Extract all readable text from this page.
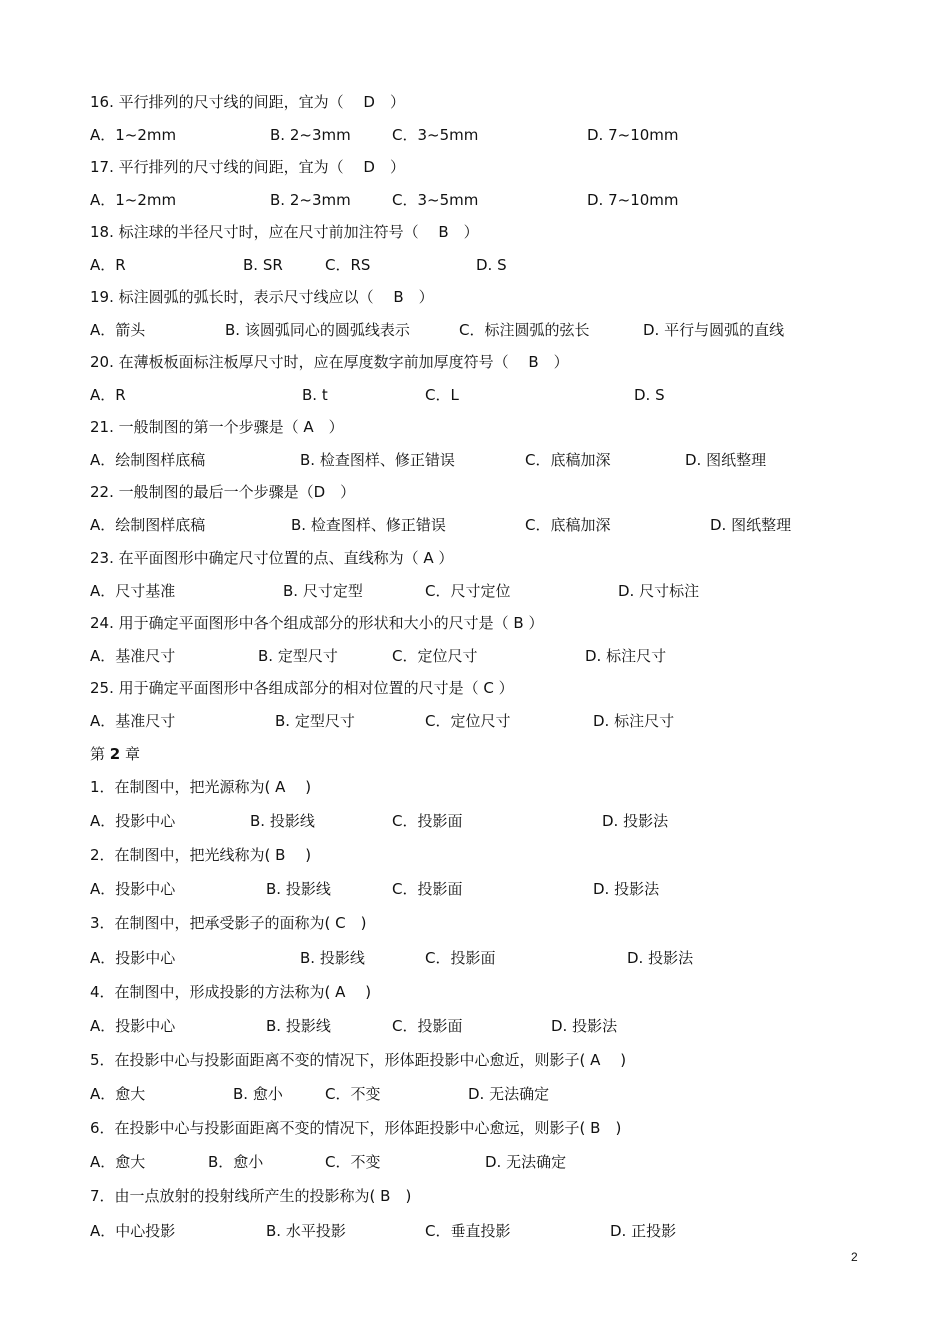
16. 平行排列的尺寸线的间距，宜为（　 D　）
A．1~2mm	B. 2~3mm	C．3~5mm	D. 7~10mm
17. 平行排列的尺寸线的间距，宜为（　 D　）
A．1~2mm	B. 2~3mm	C．3~5mm	D. 7~10mm
18. 标注球的半径尺寸时，应在尺寸前加注符号（　 B　）
A．R	B. SR	C．RS	D. S
19. 标注圆弧的弧长时，表示尺寸线应以（　 B　）
A．箭头	B. 该圆弧同心的圆弧线表示	C．标注圆弧的弦长	D. 平行与圆弧的直线
20. 在薄板板面标注板厚尺寸时，应在厚度数字前加厚度符号（　 B　）
A．R	B. t	C．L	D. S
21. 一般制图的第一个步骤是（ A　）
A．绘制图样底稿	B. 检查图样、修正错误	C．底稿加深	D. 图纸整理
22. 一般制图的最后一个步骤是（D　）
A．绘制图样底稿	B. 检查图样、修正错误	C．底稿加深	D. 图纸整理
23. 在平面图形中确定尺寸位置的点、直线称为（ A ）
A．尺寸基准	B. 尺寸定型	C．尺寸定位	D. 尺寸标注
24. 用于确定平面图形中各个组成部分的形状和大小的尺寸是（ B ）
A．基准尺寸	B. 定型尺寸	C．定位尺寸	D. 标注尺寸
25. 用于确定平面图形中各组成部分的相对位置的尺寸是（ C ）
A．基准尺寸	B. 定型尺寸	C．定位尺寸	D. 标注尺寸
第 2 章
1．在制图中，把光源称为( A　 )
A．投影中心	B. 投影线	C．投影面	D. 投影法
2．在制图中，把光线称为( B　 )
A．投影中心	B. 投影线	C．投影面	D. 投影法
3．在制图中，把承受影子的面称为( C　)
A．投影中心	B. 投影线	C．投影面	D. 投影法
4．在制图中，形成投影的方法称为( A　 )
A．投影中心	B. 投影线	C．投影面	D. 投影法
5．在投影中心与投影面距离不变的情况下，形体距投影中心愈近，则影子( A　 )
A．愈大	B. 愈小	C．不变	D. 无法确定
6．在投影中心与投影面距离不变的情况下，形体距投影中心愈远，则影子( B　)
A．愈大	B．愈小	C．不变	D. 无法确定
7．由一点放射的投射线所产生的投影称为( B　)
A．中心投影	B. 水平投影	C．垂直投影	D. 正投影
2
